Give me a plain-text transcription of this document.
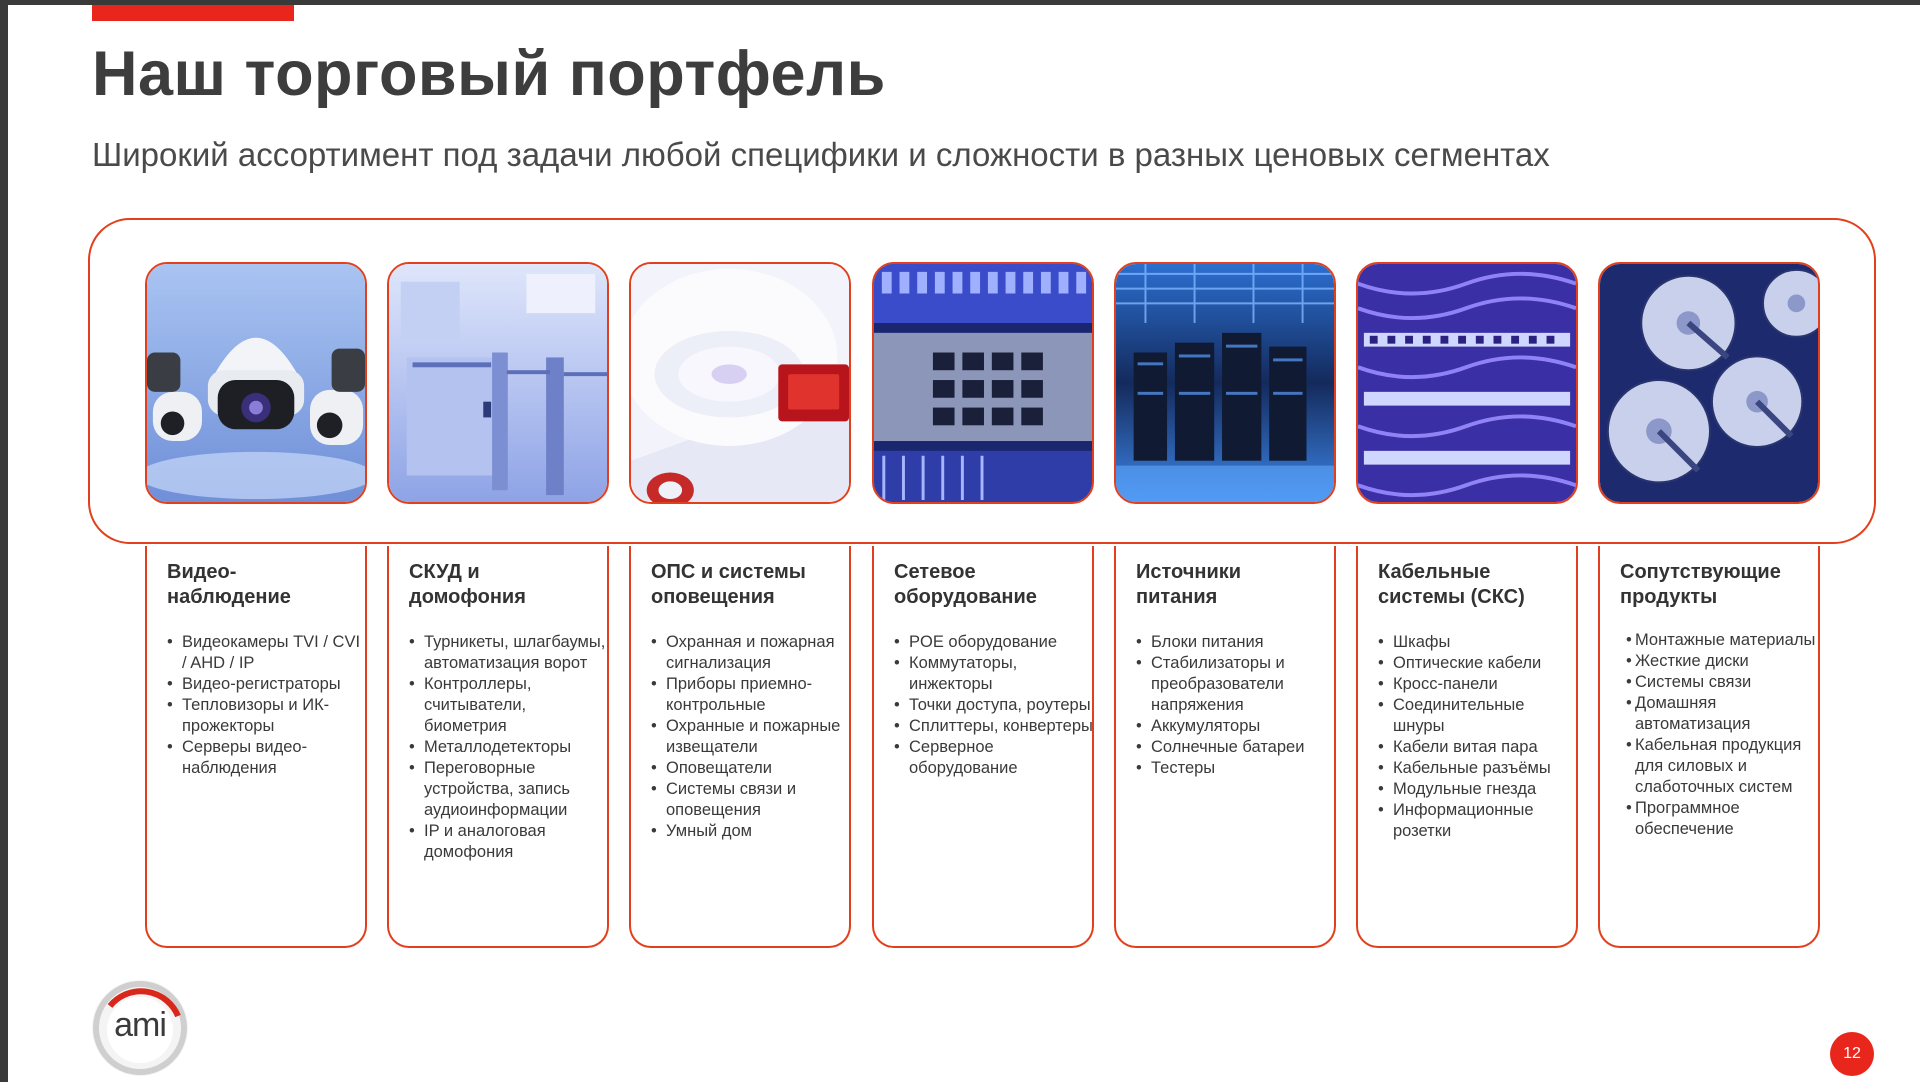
Наш торговый портфель

Широкий ассортимент под задачи любой специфики и сложности в разных ценовых сегментах

Видео-
наблюдение
• Видеокамеры TVI / CVI / AHD / IP
• Видео-регистраторы
• Тепловизоры и ИК-прожекторы
• Серверы видео-наблюдения
СКУД и
домофония
• Турникеты, шлагбаумы, автоматизация ворот
• Контроллеры, считыватели, биометрия
• Металлодетекторы
• Переговорные устройства, запись аудиоинформации
• IP и аналоговая домофония
ОПС и системы
оповещения
• Охранная и пожарная сигнализация
• Приборы приемно-контрольные
• Охранные и пожарные извещатели
• Оповещатели
• Системы связи и оповещения
• Умный дом
Сетевое
оборудование
• POE оборудование
• Коммутаторы, инжекторы
• Точки доступа, роутеры
• Сплиттеры, конвертеры
• Серверное оборудование
Источники
питания
• Блоки питания
• Стабилизаторы и преобразователи напряжения
• Аккумуляторы
• Солнечные батареи
• Тестеры
Кабельные
системы (СКС)
• Шкафы
• Оптические кабели
• Кросс-панели
• Соединительные шнуры
• Кабели витая пара
• Кабельные разъёмы
• Модульные гнезда
• Информационные розетки
Сопутствующие
продукты
• Монтажные материалы
• Жесткие диски
• Системы связи
• Домашняя автоматизация
• Кабельная продукция для силовых и слаботочных систем
• Программное обеспечение
ami
12
